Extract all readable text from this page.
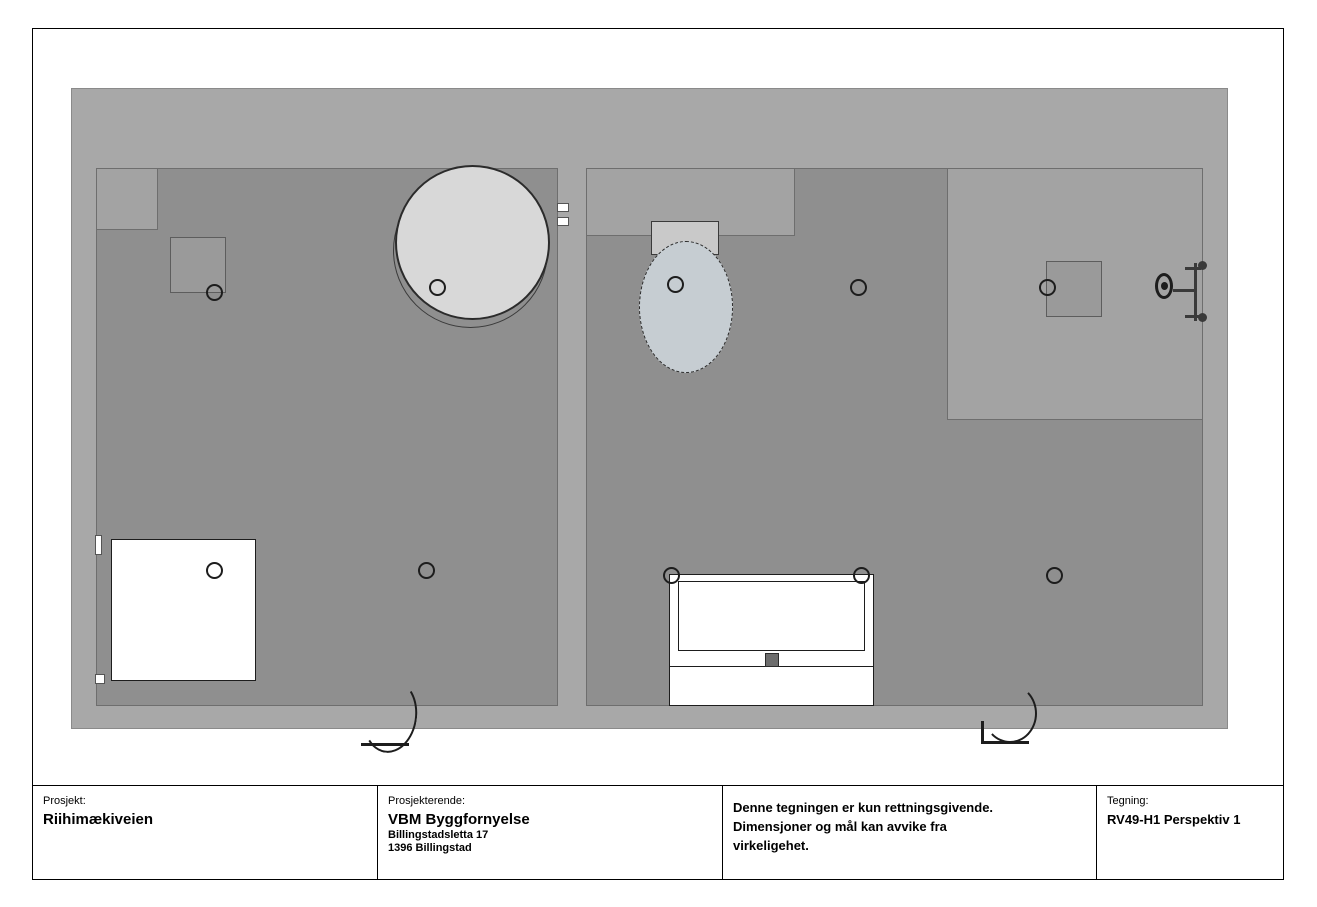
Prosjekt:
Riihimækiveien
Prosjekterende:
VBM Byggfornyelse
Billingstadsletta 17
1396 Billingstad
Denne tegningen er kun rettningsgivende.
Dimensjoner og mål kan avvike fra
virkeligehet.
Tegning:
RV49-H1 Perspektiv 1
